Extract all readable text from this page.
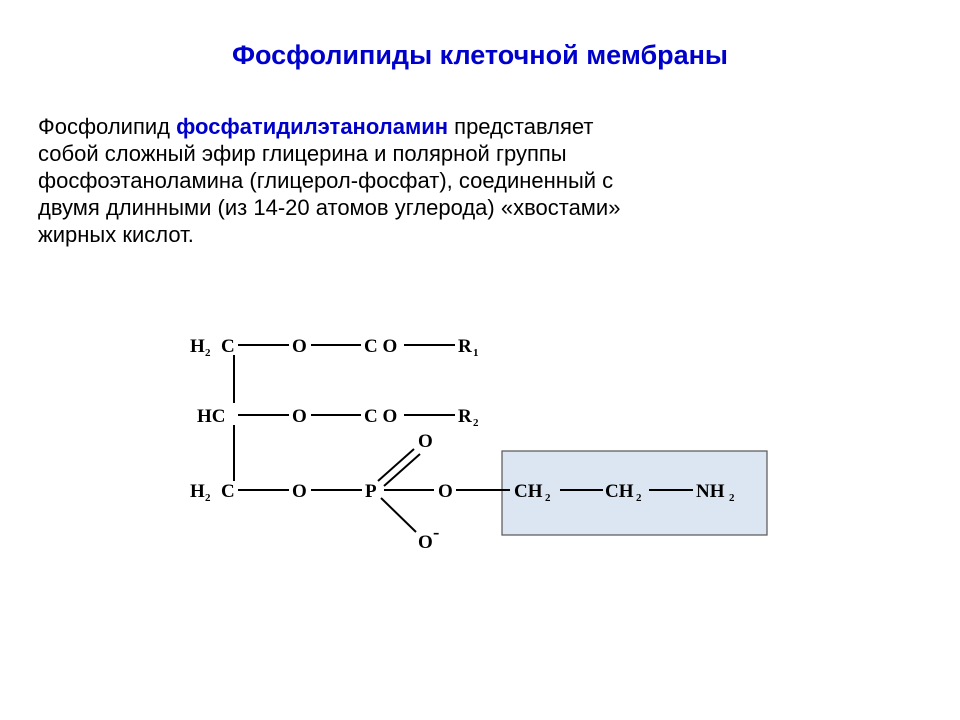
Фосфолипиды клеточной мембраны

Фосфолипид фосфатидилэтаноламин представляет собой сложный эфир глицерина и полярной группы фосфоэтаноламина (глицерол-фосфат), соединенный с двумя длинными (из 14-20 атомов углерода) «хвостами» жирных кислот.

H 2 C	O	C O	R 1
HC	O	C O	R 2
H 2 C	O	P
O
O -
O	CH 2	CH 2	NH 2
